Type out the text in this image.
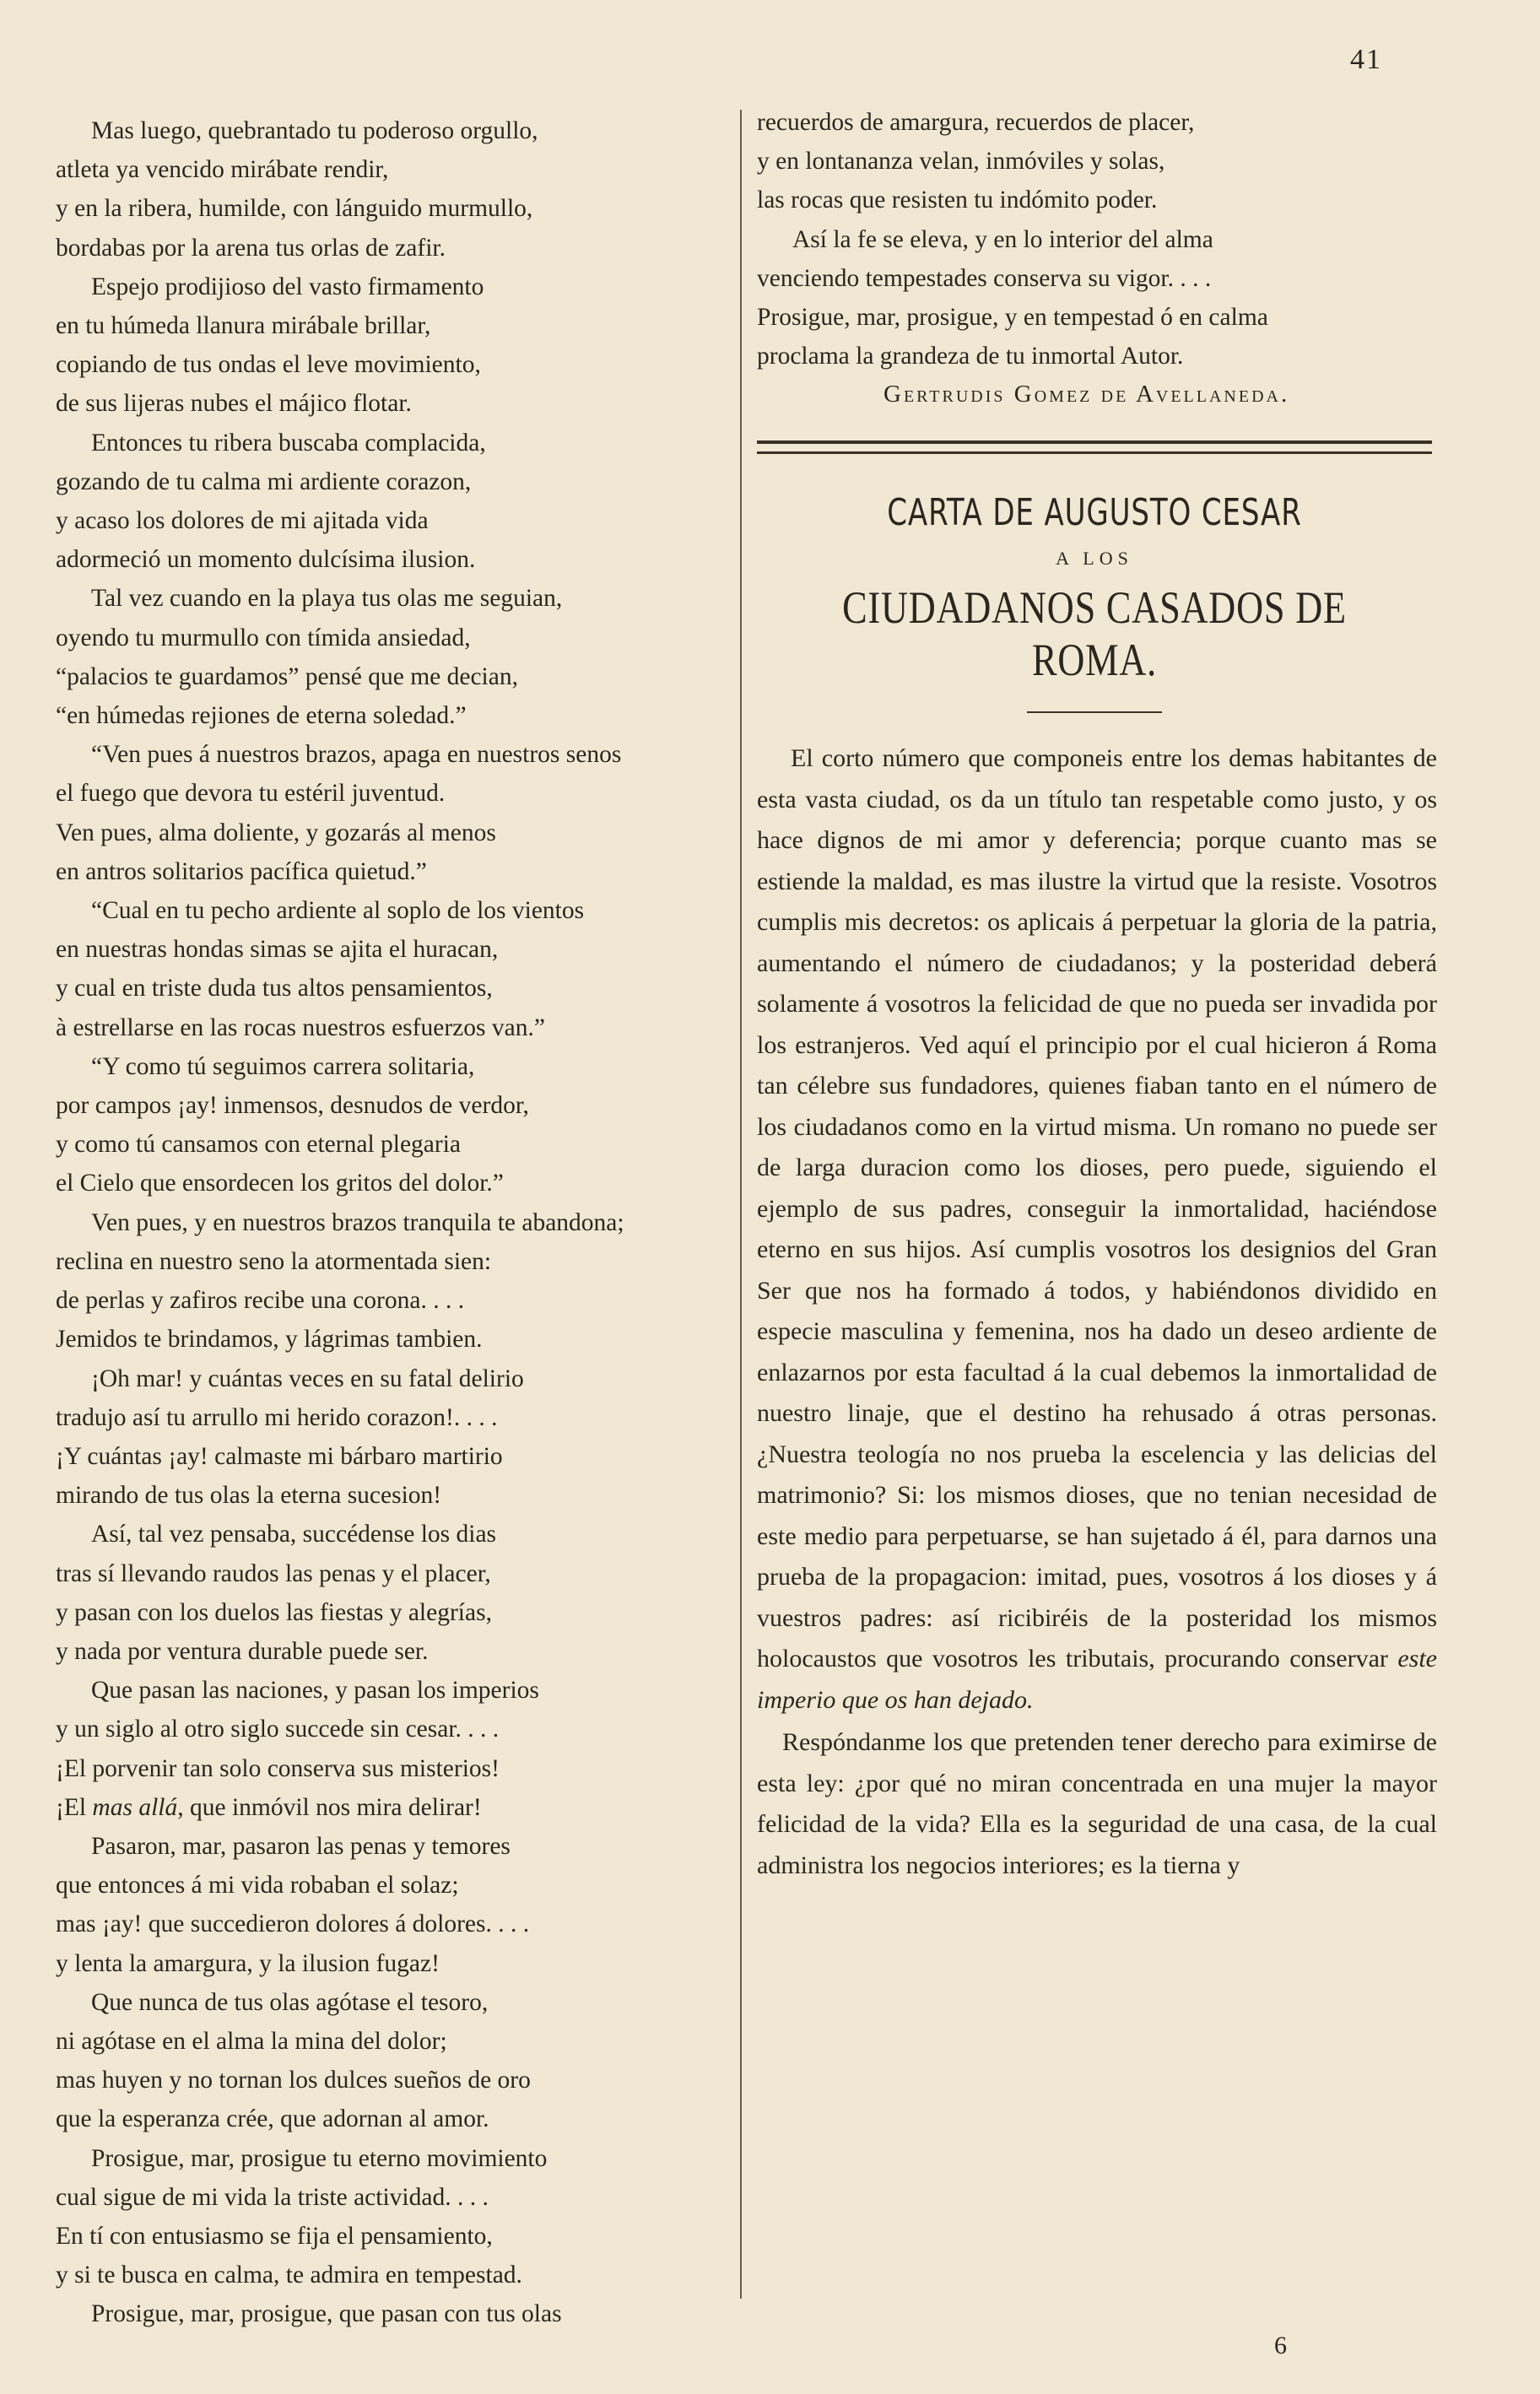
41
Mas luego, quebrantado tu poderoso orgullo,
atleta ya vencido mirábate rendir,
y en la ribera, humilde, con lánguido murmullo,
bordabas por la arena tus orlas de zafir.
Espejo prodijioso del vasto firmamento
en tu húmeda llanura mirábale brillar,
copiando de tus ondas el leve movimiento,
de sus lijeras nubes el májico flotar.
Entonces tu ribera buscaba complacida,
gozando de tu calma mi ardiente corazon,
y acaso los dolores de mi ajitada vida
adormeció un momento dulcísima ilusion.
Tal vez cuando en la playa tus olas me seguian,
oyendo tu murmullo con tímida ansiedad,
“palacios te guardamos” pensé que me decian,
“en húmedas rejiones de eterna soledad.”
“Ven pues á nuestros brazos, apaga en nuestros senos
el fuego que devora tu estéril juventud.
Ven pues, alma doliente, y gozarás al menos
en antros solitarios pacífica quietud.”
“Cual en tu pecho ardiente al soplo de los vientos
en nuestras hondas simas se ajita el huracan,
y cual en triste duda tus altos pensamientos,
à estrellarse en las rocas nuestros esfuerzos van.”
“Y como tú seguimos carrera solitaria,
por campos ¡ay! inmensos, desnudos de verdor,
y como tú cansamos con eternal plegaria
el Cielo que ensordecen los gritos del dolor.”
Ven pues, y en nuestros brazos tranquila te abandona;
reclina en nuestro seno la atormentada sien:
de perlas y zafiros recibe una corona. . . .
Jemidos te brindamos, y lágrimas tambien.
¡Oh mar! y cuántas veces en su fatal delirio
tradujo así tu arrullo mi herido corazon!. . . .
¡Y cuántas ¡ay! calmaste mi bárbaro martirio
mirando de tus olas la eterna sucesion!
Así, tal vez pensaba, succédense los dias
tras sí llevando raudos las penas y el placer,
y pasan con los duelos las fiestas y alegrías,
y nada por ventura durable puede ser.
Que pasan las naciones, y pasan los imperios
y un siglo al otro siglo succede sin cesar. . . .
¡El porvenir tan solo conserva sus misterios!
¡El mas allá, que inmóvil nos mira delirar!
Pasaron, mar, pasaron las penas y temores
que entonces á mi vida robaban el solaz;
mas ¡ay! que succedieron dolores á dolores. . . .
y lenta la amargura, y la ilusion fugaz!
Que nunca de tus olas agótase el tesoro,
ni agótase en el alma la mina del dolor;
mas huyen y no tornan los dulces sueños de oro
que la esperanza crée, que adornan al amor.
Prosigue, mar, prosigue tu eterno movimiento
cual sigue de mi vida la triste actividad. . . .
En tí con entusiasmo se fija el pensamiento,
y si te busca en calma, te admira en tempestad.
Prosigue, mar, prosigue, que pasan con tus olas
recuerdos de amargura, recuerdos de placer,
y en lontananza velan, inmóviles y solas,
las rocas que resisten tu indómito poder.
Así la fe se eleva, y en lo interior del alma
venciendo tempestades conserva su vigor. . . .
Prosigue, mar, prosigue, y en tempestad ó en calma
proclama la grandeza de tu inmortal Autor.
Gertrudis Gomez de Avellaneda.
CARTA DE AUGUSTO CESAR
A LOS
CIUDADANOS CASADOS DE ROMA.

El corto número que componeis entre los demas habitantes de esta vasta ciudad, os da un título tan respetable como justo, y os hace dignos de mi amor y deferencia; porque cuanto mas se estiende la maldad, es mas ilustre la virtud que la resiste. Vosotros cumplis mis decretos: os aplicais á perpetuar la gloria de la patria, aumentando el número de ciudadanos; y la posteridad deberá solamente á vosotros la felicidad de que no pueda ser invadida por los estranjeros. Ved aquí el principio por el cual hicieron á Roma tan célebre sus fundadores, quienes fiaban tanto en el número de los ciudadanos como en la virtud misma. Un romano no puede ser de larga duracion como los dioses, pero puede, siguiendo el ejemplo de sus padres, conseguir la inmortalidad, haciéndose eterno en sus hijos. Así cumplis vosotros los designios del Gran Ser que nos ha formado á todos, y habiéndonos dividido en especie masculina y femenina, nos ha dado un deseo ardiente de enlazarnos por esta facultad á la cual debemos la inmortalidad de nuestro linaje, que el destino ha rehusado á otras personas. ¿Nuestra teología no nos prueba la escelencia y las delicias del matrimonio? Si: los mismos dioses, que no tenian necesidad de este medio para perpetuarse, se han sujetado á él, para darnos una prueba de la propagacion: imitad, pues, vosotros á los dioses y á vuestros padres: así ricibiréis de la posteridad los mismos holocaustos que vosotros les tributais, procurando conservar este imperio que os han dejado.

Respóndanme los que pretenden tener derecho para eximirse de esta ley: ¿por qué no miran concentrada en una mujer la mayor felicidad de la vida? Ella es la seguridad de una casa, de la cual administra los negocios interiores; es la tierna y

6
